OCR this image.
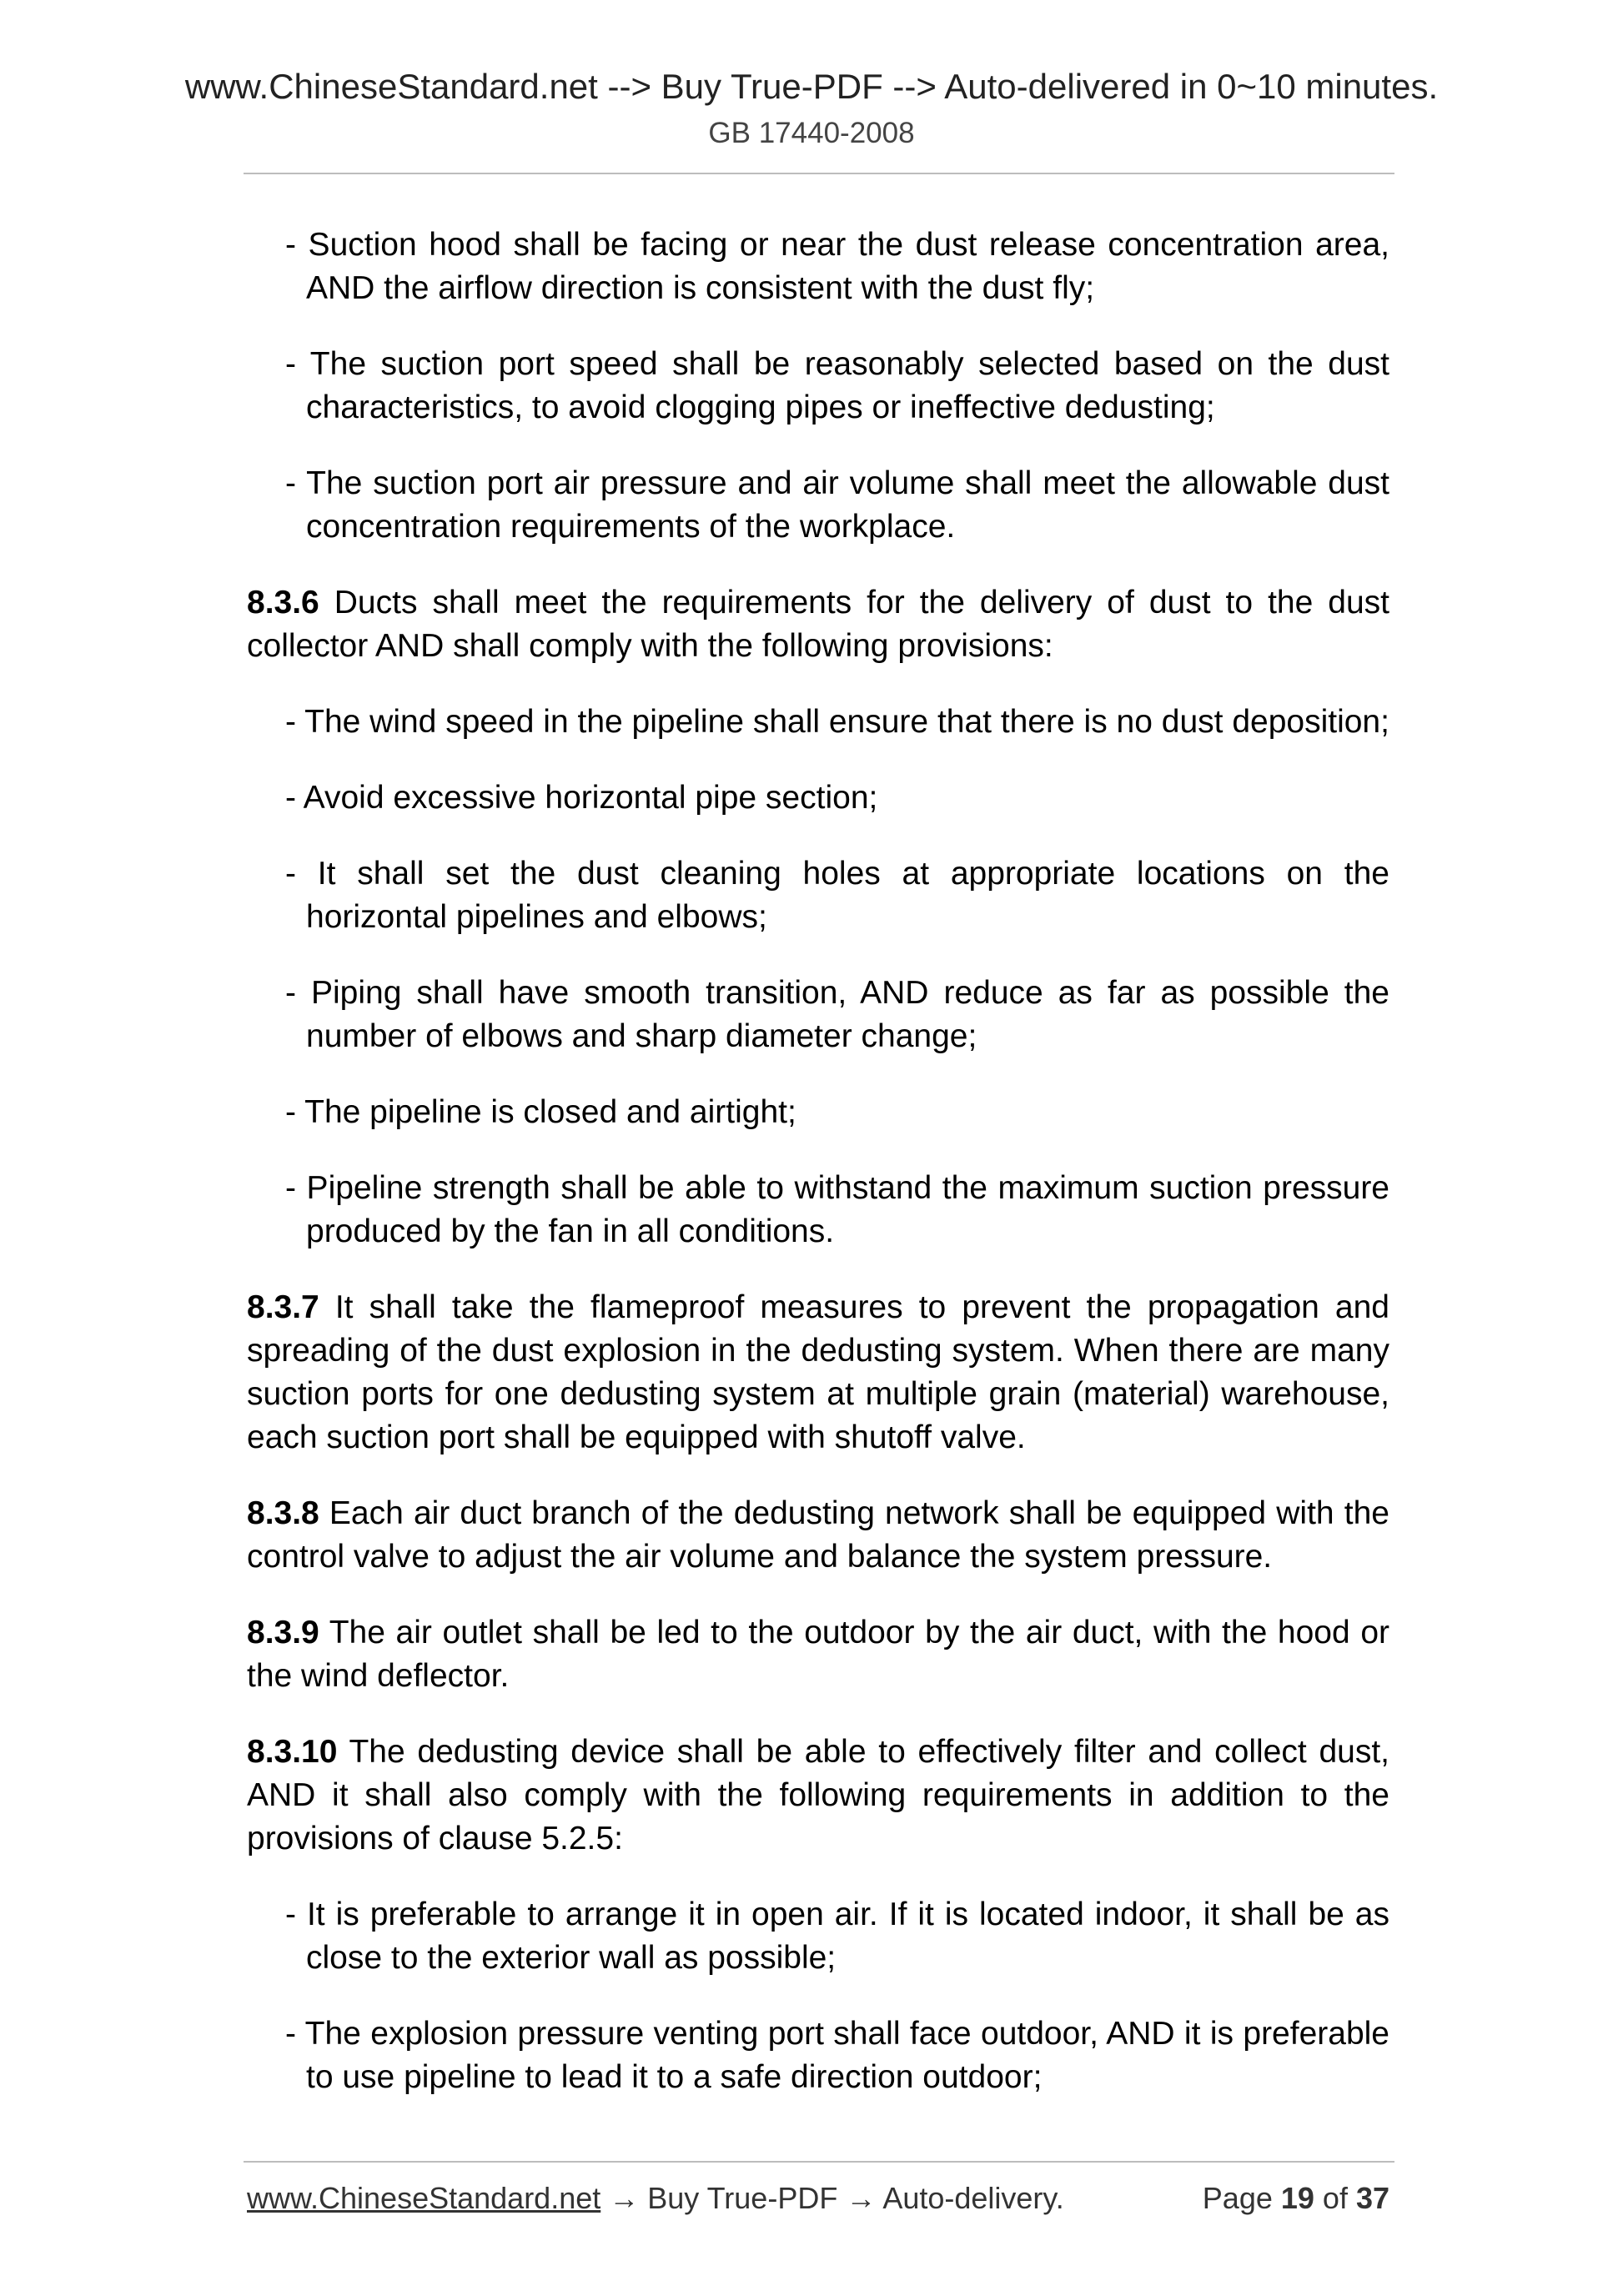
www.ChineseStandard.net --> Buy True-PDF --> Auto-delivered in 0~10 minutes.
GB 17440-2008

- Suction hood shall be facing or near the dust release concentration area, AND the airflow direction is consistent with the dust fly;

- The suction port speed shall be reasonably selected based on the dust characteristics, to avoid clogging pipes or ineffective dedusting;

- The suction port air pressure and air volume shall meet the allowable dust concentration requirements of the workplace.

8.3.6 Ducts shall meet the requirements for the delivery of dust to the dust collector AND shall comply with the following provisions:

- The wind speed in the pipeline shall ensure that there is no dust deposition;

- Avoid excessive horizontal pipe section;

- It shall set the dust cleaning holes at appropriate locations on the horizontal pipelines and elbows;

- Piping shall have smooth transition, AND reduce as far as possible the number of elbows and sharp diameter change;

- The pipeline is closed and airtight;

- Pipeline strength shall be able to withstand the maximum suction pressure produced by the fan in all conditions.

8.3.7 It shall take the flameproof measures to prevent the propagation and spreading of the dust explosion in the dedusting system. When there are many suction ports for one dedusting system at multiple grain (material) warehouse, each suction port shall be equipped with shutoff valve.

8.3.8 Each air duct branch of the dedusting network shall be equipped with the control valve to adjust the air volume and balance the system pressure.

8.3.9 The air outlet shall be led to the outdoor by the air duct, with the hood or the wind deflector.

8.3.10 The dedusting device shall be able to effectively filter and collect dust, AND it shall also comply with the following requirements in addition to the provisions of clause 5.2.5:

- It is preferable to arrange it in open air. If it is located indoor, it shall be as close to the exterior wall as possible;

- The explosion pressure venting port shall face outdoor, AND it is preferable to use pipeline to lead it to a safe direction outdoor;

www.ChineseStandard.net → Buy True-PDF → Auto-delivery.	Page 19 of 37
